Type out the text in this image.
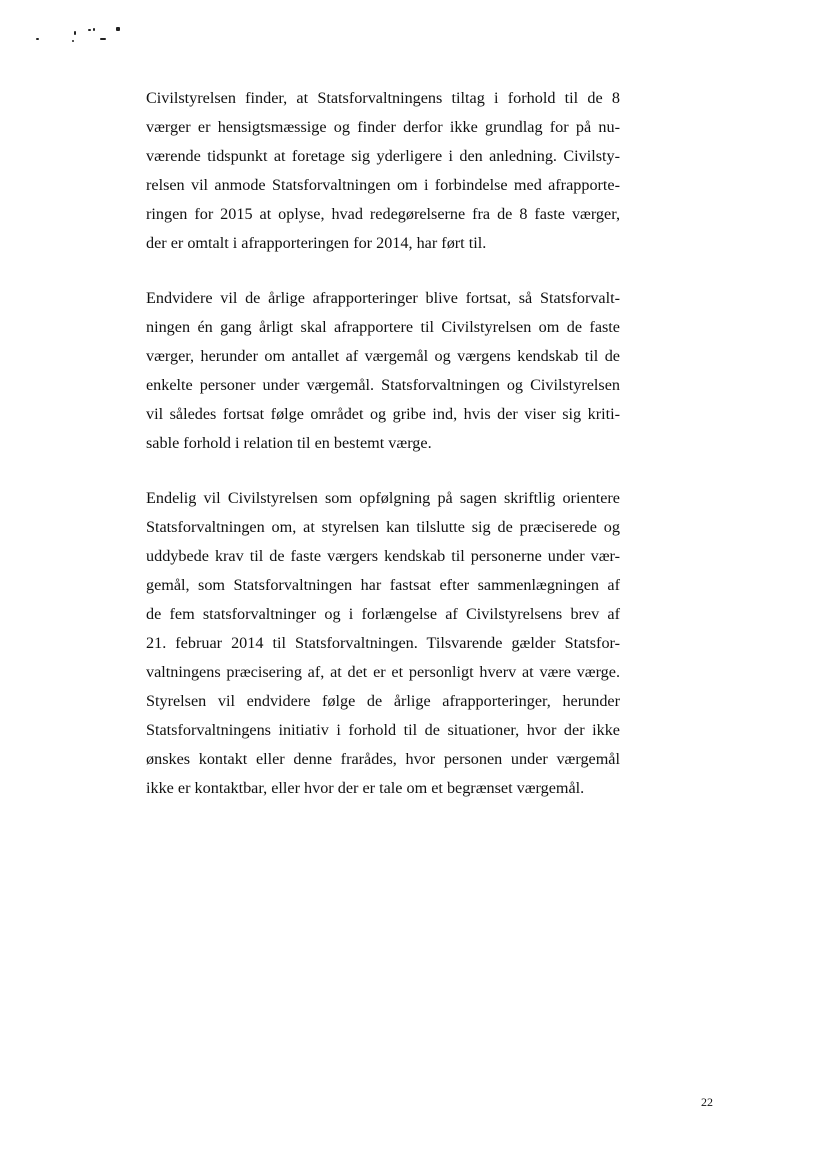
Civilstyrelsen finder, at Statsforvaltningens tiltag i forhold til de 8
værger er hensigtsmæssige og finder derfor ikke grundlag for på nu-
værende tidspunkt at foretage sig yderligere i den anledning. Civilsty-
relsen vil anmode Statsforvaltningen om i forbindelse med afrapporte-
ringen for 2015 at oplyse, hvad redegørelserne fra de 8 faste værger,
der er omtalt i afrapporteringen for 2014, har ført til.

Endvidere vil de årlige afrapporteringer blive fortsat, så Statsforvalt-
ningen én gang årligt skal afrapportere til Civilstyrelsen om de faste
værger, herunder om antallet af værgemål og værgens kendskab til de
enkelte personer under værgemål. Statsforvaltningen og Civilstyrelsen
vil således fortsat følge området og gribe ind, hvis der viser sig kriti-
sable forhold i relation til en bestemt værge.

Endelig vil Civilstyrelsen som opfølgning på sagen skriftlig orientere
Statsforvaltningen om, at styrelsen kan tilslutte sig de præciserede og
uddybede krav til de faste værgers kendskab til personerne under vær-
gemål, som Statsforvaltningen har fastsat efter sammenlægningen af
de fem statsforvaltninger og i forlængelse af Civilstyrelsens brev af
21. februar 2014 til Statsforvaltningen. Tilsvarende gælder Statsfor-
valtningens præcisering af, at det er et personligt hverv at være værge.
Styrelsen vil endvidere følge de årlige afrapporteringer, herunder
Statsforvaltningens initiativ i forhold til de situationer, hvor der ikke
ønskes kontakt eller denne frarådes, hvor personen under værgemål
ikke er kontaktbar, eller hvor der er tale om et begrænset værgemål.

22
